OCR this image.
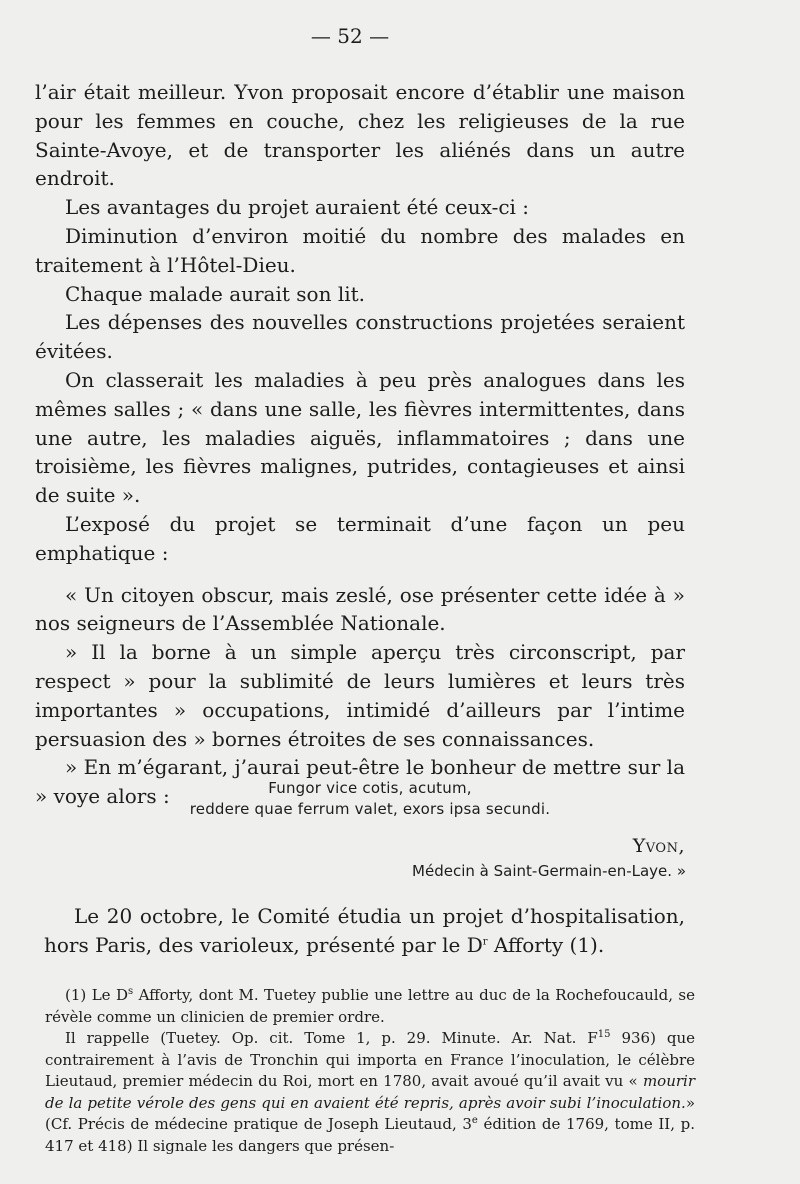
— 52 —

l’air était meilleur. Yvon proposait encore d’établir une maison pour les femmes en couche, chez les religieuses de la rue Sainte-Avoye, et de transporter les aliénés dans un autre endroit.

Les avantages du projet auraient été ceux-ci :

Diminution d’environ moitié du nombre des malades en traitement à l’Hôtel-Dieu.

Chaque malade aurait son lit.

Les dépenses des nouvelles constructions projetées seraient évitées.

On classerait les maladies à peu près analogues dans les mêmes salles ; « dans une salle, les fièvres intermittentes, dans une autre, les maladies aiguës, inflammatoires ; dans une troisième, les fièvres malignes, putrides, contagieuses et ainsi de suite ».

L’exposé du projet se terminait d’une façon un peu emphatique :

« Un citoyen obscur, mais zeslé, ose présenter cette idée à » nos seigneurs de l’Assemblée Nationale.

» Il la borne à un simple aperçu très circonscript, par respect » pour la sublimité de leurs lumières et leurs très importantes » occupations, intimidé d’ailleurs par l’intime persuasion des » bornes étroites de ses connaissances.

» En m’égarant, j’aurai peut-être le bonheur de mettre sur la » voye alors :	Fungor vice cotis, acutum,
reddere quae ferrum valet, exors ipsa secundi.
Yvon,
Médecin à Saint-Germain-en-Laye. »

Le 20 octobre, le Comité étudia un projet d’hospitalisation, hors Paris, des varioleux, présenté par le $D^r$ Afforty (1).

(1) Le $D^s$ Afforty, dont M. Tuetey publie une lettre au duc de la Rochefoucauld, se révèle comme un clinicien de premier ordre.

Il rappelle (Tuetey. Op. cit. Tome 1, p. 29. Minute. Ar. Nat. $F^{15}$ 936) que contrairement à l’avis de Tronchin qui importa en France l’inoculation, le célèbre Lieutaud, premier médecin du Roi, mort en 1780, avait avoué qu’il avait vu « mourir de la petite vérole des gens qui en avaient été repris, après avoir subi l’inoculation.» (Cf. Précis de médecine pratique de Joseph Lieutaud, 3e édition de 1769, tome II, p. 417 et 418) Il signale les dangers que présen-
